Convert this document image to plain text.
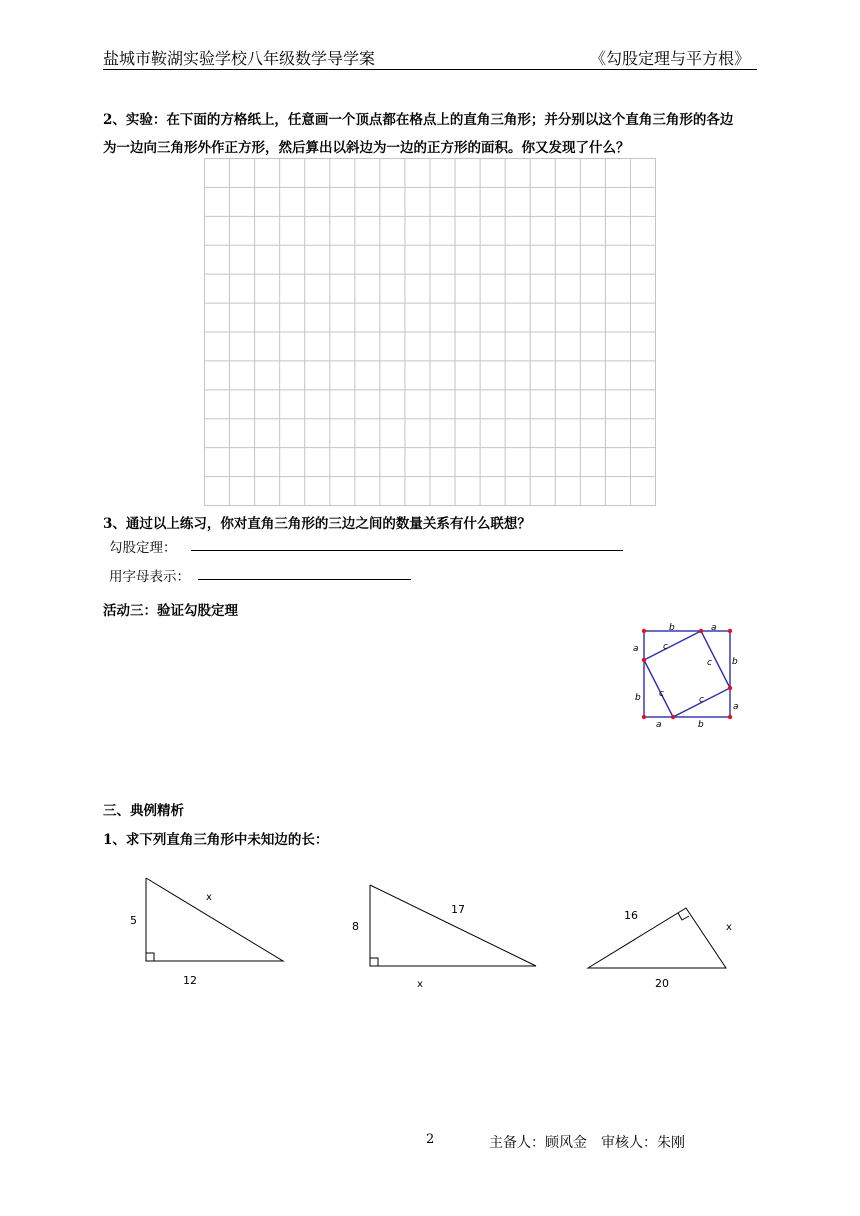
盐城市鞍湖实验学校八年级数学导学案	《勾股定理与平方根》
2、实验：在下面的方格纸上，任意画一个顶点都在格点上的直角三角形；并分别以这个直角三角形的各边
为一边向三角形外作正方形，然后算出以斜边为一边的正方形的面积。你又发现了什么？
3、通过以上练习，你对直角三角形的三边之间的数量关系有什么联想？
勾股定理：
用字母表示：
活动三：验证勾股定理
b	a
a	c
c b
b c
c
a
a	b
三、典例精析
1、求下列直角三角形中未知边的长：
5
12
x
8
x
17	16
x
20
2	主备人：顾风金　审核人：朱刚
